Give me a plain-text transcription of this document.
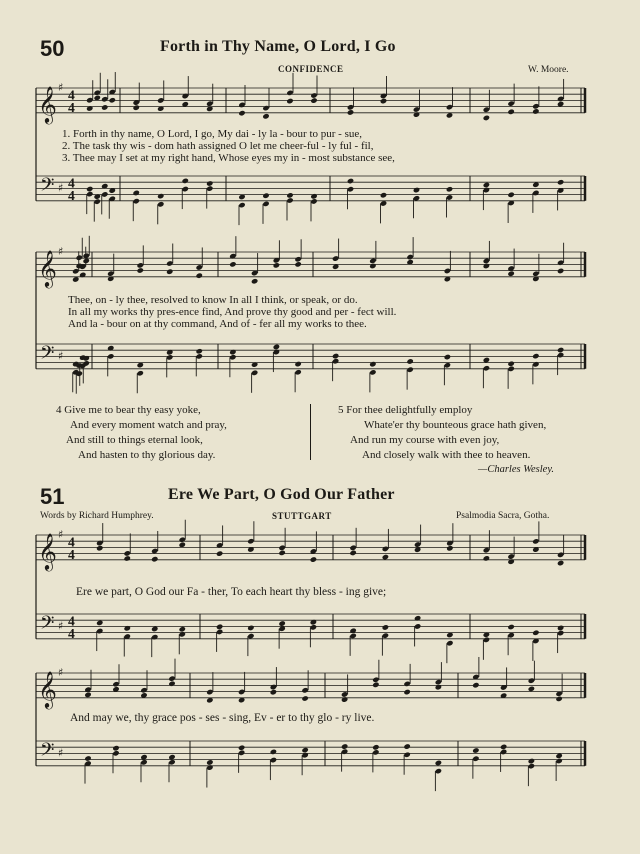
50	Forth in Thy Name, O Lord, I Go
CONFIDENCE	W. Moore.
1. Forth in thy name, O Lord, I go, My dai - ly la - bour to pur - sue,
2. The task thy wis - dom hath assigned O let me cheer-ful - ly ful - fil,
3. Thee may I set at my right hand, Whose eyes my in - most substance see,
Thee, on - ly thee, resolved to know In all I think, or speak, or do.
In all my works thy pres-ence find, And prove thy good and per - fect will.
And la - bour on at thy command, And of - fer all my works to thee.
4 Give me to bear thy easy yoke,
And every moment watch and pray,
And still to things eternal look,
And hasten to thy glorious day.
5 For thee delightfully employ
Whate'er thy bounteous grace hath given,
And run my course with even joy,
And closely walk with thee to heaven.
—Charles Wesley.
51	Ere We Part, O God Our Father
Words by Richard Humphrey.	STUTTGART	Psalmodia Sacra, Gotha.
Ere we part, O God our Fa - ther, To each heart thy bless - ing give;
And may we, thy grace pos - ses - sing, Ev - er to thy glo - ry live.
𝄞
𝄢
♯
♯
4
4
4
4
𝄞
𝄢
♯
♯
𝄞
𝄢
♯
♯
4
4
4
4
𝄞
𝄢
♯
♯
